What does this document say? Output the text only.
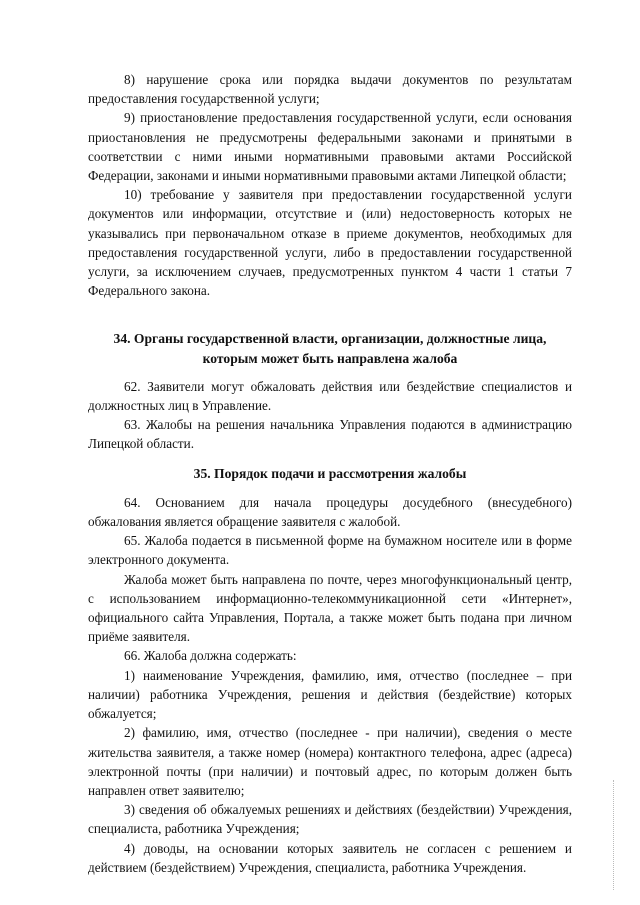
8) нарушение срока или порядка выдачи документов по результатам предоставления государственной услуги;

9) приостановление предоставления государственной услуги, если основания приостановления не предусмотрены федеральными законами и принятыми в соответствии с ними иными нормативными правовыми актами Российской Федерации, законами и иными нормативными правовыми актами Липецкой области;

10) требование у заявителя при предоставлении государственной услуги документов или информации, отсутствие и (или) недостоверность которых не указывались при первоначальном отказе в приеме документов, необходимых для предоставления государственной услуги, либо в предоставлении государственной услуги, за исключением случаев, предусмотренных пунктом 4 части 1 статьи 7 Федерального закона.

34. Органы государственной власти, организации, должностные лица, которым может быть направлена жалоба

62. Заявители могут обжаловать действия или бездействие специалистов и должностных лиц в Управление.

63. Жалобы на решения начальника Управления подаются в администрацию Липецкой области.

35. Порядок подачи и рассмотрения жалобы

64. Основанием для начала процедуры досудебного (внесудебного) обжалования является обращение заявителя с жалобой.

65. Жалоба подается в письменной форме на бумажном носителе или в форме электронного документа.

Жалоба может быть направлена по почте, через многофункциональный центр, с использованием информационно-телекоммуникационной сети «Интернет», официального сайта Управления, Портала, а также может быть подана при личном приёме заявителя.

66. Жалоба должна содержать:

1) наименование Учреждения, фамилию, имя, отчество (последнее – при наличии) работника Учреждения, решения и действия (бездействие) которых обжалуется;

2) фамилию, имя, отчество (последнее - при наличии), сведения о месте жительства заявителя, а также номер (номера) контактного телефона, адрес (адреса) электронной почты (при наличии) и почтовый адрес, по которым должен быть направлен ответ заявителю;

3) сведения об обжалуемых решениях и действиях (бездействии) Учреждения, специалиста, работника Учреждения;

4) доводы, на основании которых заявитель не согласен с решением и действием (бездействием) Учреждения, специалиста, работника Учреждения.
